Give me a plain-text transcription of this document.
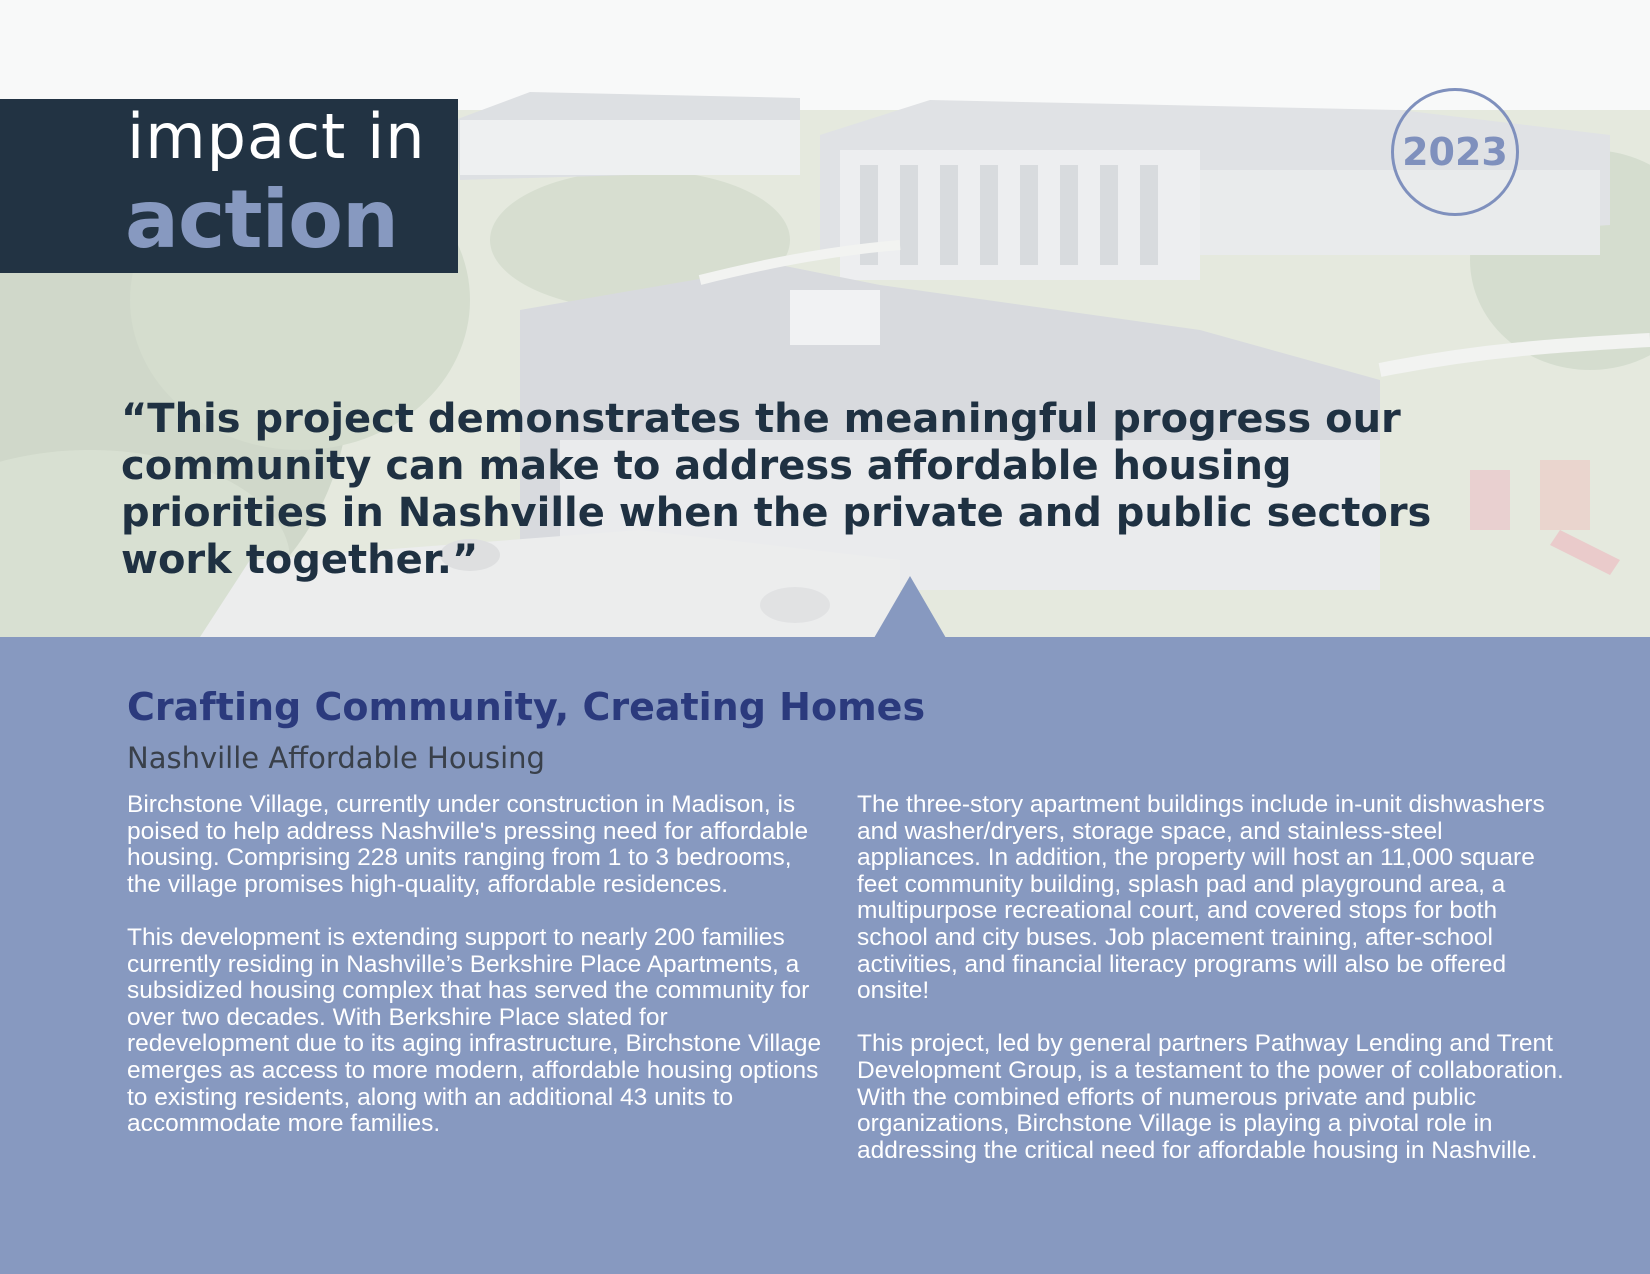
impact in
action
2023
“This project demonstrates the meaningful progress our community can make to address affordable housing priorities in Nashville when the private and public sectors work together.”
Crafting Community, Creating Homes
Nashville Affordable Housing

Birchstone Village, currently under construction in Madison, is poised to help address Nashville's pressing need for affordable housing. Comprising 228 units ranging from 1 to 3 bedrooms, the village promises high-quality, affordable residences.

This development is extending support to nearly 200 families currently residing in Nashville’s Berkshire Place Apartments, a subsidized housing complex that has served the community for over two decades. With Berkshire Place slated for redevelopment due to its aging infrastructure, Birchstone Village emerges as access to more modern, affordable housing options to existing residents, along with an additional 43 units to accommodate more families.

The three-story apartment buildings include in-unit dishwashers and washer/dryers, storage space, and stainless-steel appliances. In addition, the property will host an 11,000 square feet community building, splash pad and playground area, a multipurpose recreational court, and covered stops for both school and city buses. Job placement training, after-school activities, and financial literacy programs will also be offered onsite!

This project, led by general partners Pathway Lending and Trent Development Group, is a testament to the power of collaboration. With the combined efforts of numerous private and public organizations, Birchstone Village is playing a pivotal role in addressing the critical need for affordable housing in Nashville.
